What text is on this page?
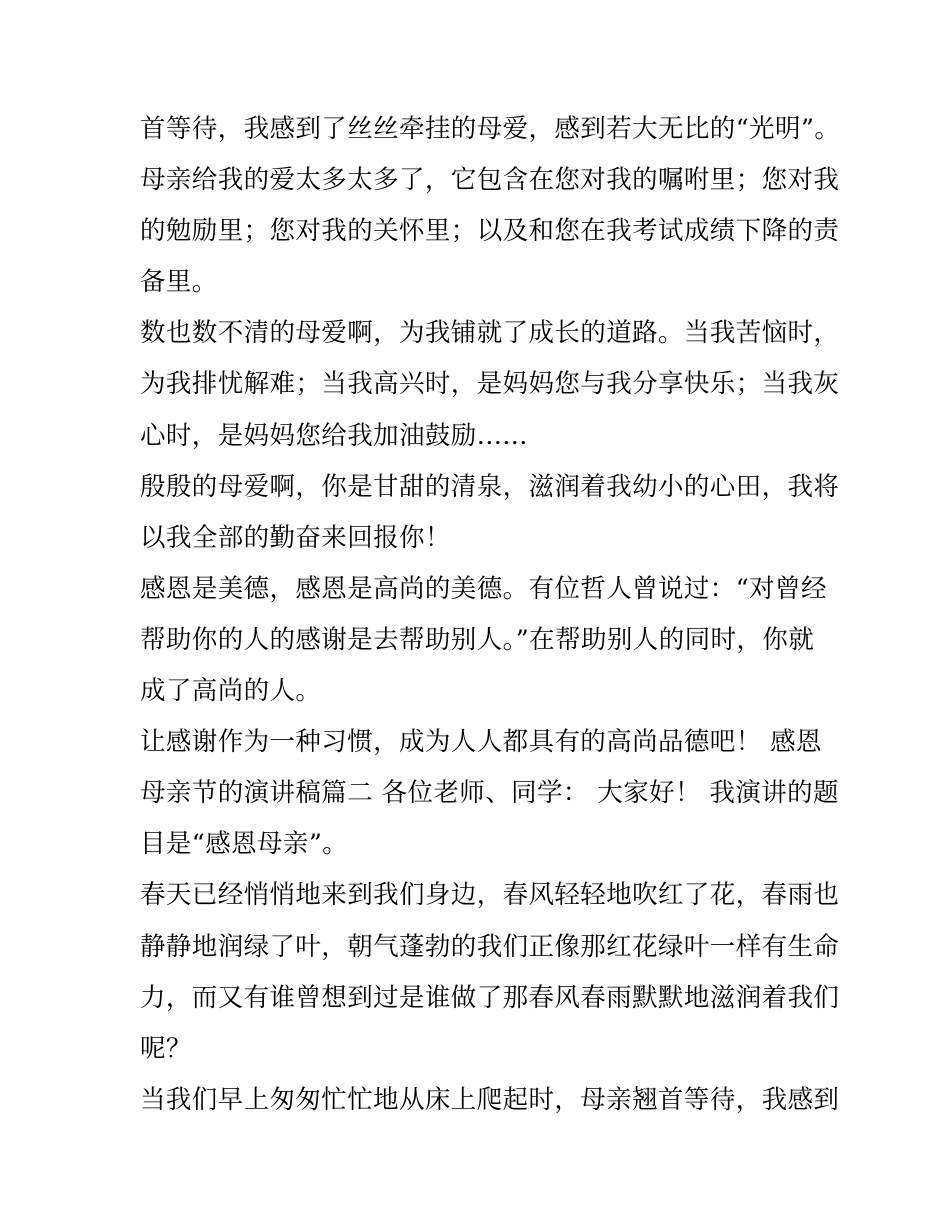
首等待，我感到了丝丝牵挂的母爱，感到若大无比的“光明”。
母亲给我的爱太多太多了，它包含在您对我的嘱咐里；您对我
的勉励里；您对我的关怀里；以及和您在我考试成绩下降的责
备里。
数也数不清的母爱啊，为我铺就了成长的道路。当我苦恼时，
为我排忧解难；当我高兴时，是妈妈您与我分享快乐；当我灰
心时，是妈妈您给我加油鼓励......
殷殷的母爱啊，你是甘甜的清泉，滋润着我幼小的心田，我将
以我全部的勤奋来回报你！
感恩是美德，感恩是高尚的美德。有位哲人曾说过：“对曾经
帮助你的人的感谢是去帮助别人。”在帮助别人的同时，你就
成了高尚的人。
让感谢作为一种习惯，成为人人都具有的高尚品德吧！ 感恩
母亲节的演讲稿篇二 各位老师、同学： 大家好！ 我演讲的题
目是“感恩母亲”。
春天已经悄悄地来到我们身边，春风轻轻地吹红了花，春雨也
静静地润绿了叶，朝气蓬勃的我们正像那红花绿叶一样有生命
力，而又有谁曾想到过是谁做了那春风春雨默默地滋润着我们
呢？
当我们早上匆匆忙忙地从床上爬起时，母亲翘首等待，我感到
